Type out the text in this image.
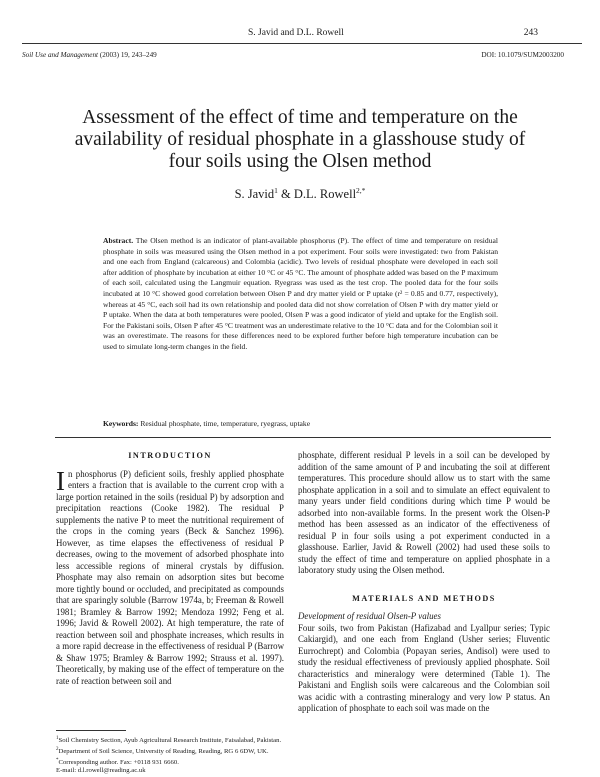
S. Javid and D.L. Rowell	243
Soil Use and Management (2003) 19, 243–249	DOI: 10.1079/SUM2003200
Assessment of the effect of time and temperature on the availability of residual phosphate in a glasshouse study of four soils using the Olsen method
S. Javid$^1$ & D.L. Rowell$^{2,*}$

Abstract. The Olsen method is an indicator of plant-available phosphorus (P). The effect of time and temperature on residual phosphate in soils was measured using the Olsen method in a pot experiment. Four soils were investigated: two from Pakistan and one each from England (calcareous) and Colombia (acidic). Two levels of residual phosphate were developed in each soil after addition of phosphate by incubation at either 10 °C or 45 °C. The amount of phosphate added was based on the P maximum of each soil, calculated using the Langmuir equation. Ryegrass was used as the test crop. The pooled data for the four soils incubated at 10 °C showed good correlation between Olsen P and dry matter yield or P uptake (r² = 0.85 and 0.77, respectively), whereas at 45 °C, each soil had its own relationship and pooled data did not show correlation of Olsen P with dry matter yield or P uptake. When the data at both temperatures were pooled, Olsen P was a good indicator of yield and uptake for the English soil. For the Pakistani soils, Olsen P after 45 °C treatment was an underestimate relative to the 10 °C data and for the Colombian soil it was an overestimate. The reasons for these differences need to be explored further before high temperature incubation can be used to simulate long-term changes in the field.

Keywords: Residual phosphate, time, temperature, ryegrass, uptake

INTRODUCTION

In phosphorus (P) deficient soils, freshly applied phosphate enters a fraction that is available to the current crop with a large portion retained in the soils (residual P) by adsorption and precipitation reactions (Cooke 1982). The residual P supplements the native P to meet the nutritional requirement of the crops in the coming years (Beck & Sanchez 1996). However, as time elapses the effectiveness of residual P decreases, owing to the movement of adsorbed phosphate into less accessible regions of mineral crystals by diffusion. Phosphate may also remain on adsorption sites but become more tightly bound or occluded, and precipitated as compounds that are sparingly soluble (Barrow 1974a, b; Freeman & Rowell 1981; Bramley & Barrow 1992; Mendoza 1992; Feng et al. 1996; Javid & Rowell 2002). At high temperature, the rate of reaction between soil and phosphate increases, which results in a more rapid decrease in the effectiveness of residual P (Barrow & Shaw 1975; Bramley & Barrow 1992; Strauss et al. 1997). Theoretically, by making use of the effect of temperature on the rate of reaction between soil and

phosphate, different residual P levels in a soil can be developed by addition of the same amount of P and incubating the soil at different temperatures. This procedure should allow us to start with the same phosphate application in a soil and to simulate an effect equivalent to many years under field conditions during which time P would be adsorbed into non-available forms. In the present work the Olsen-P method has been assessed as an indicator of the effectiveness of residual P in four soils using a pot experiment conducted in a glasshouse. Earlier, Javid & Rowell (2002) had used these soils to study the effect of time and temperature on applied phosphate in a laboratory study using the Olsen method.

MATERIALS AND METHODS

Development of residual Olsen-P values

Four soils, two from Pakistan (Hafizabad and Lyallpur series; Typic Cakiargid), and one each from England (Usher series; Fluventic Eurrochrept) and Colombia (Popayan series, Andisol) were used to study the residual effectiveness of previously applied phosphate. Soil characteristics and mineralogy were determined (Table 1). The Pakistani and English soils were calcareous and the Colombian soil was acidic with a contrasting mineralogy and very low P status. An application of phosphate to each soil was made on the

$^1$Soil Chemistry Section, Ayub Agricultural Research Institute, Faisalabad, Pakistan.

$^2$Department of Soil Science, University of Reading, Reading, RG 6 6DW, UK.

*Corresponding author. Fax: +0118 931 6660.

E-mail: d.l.rowell@reading.ac.uk
